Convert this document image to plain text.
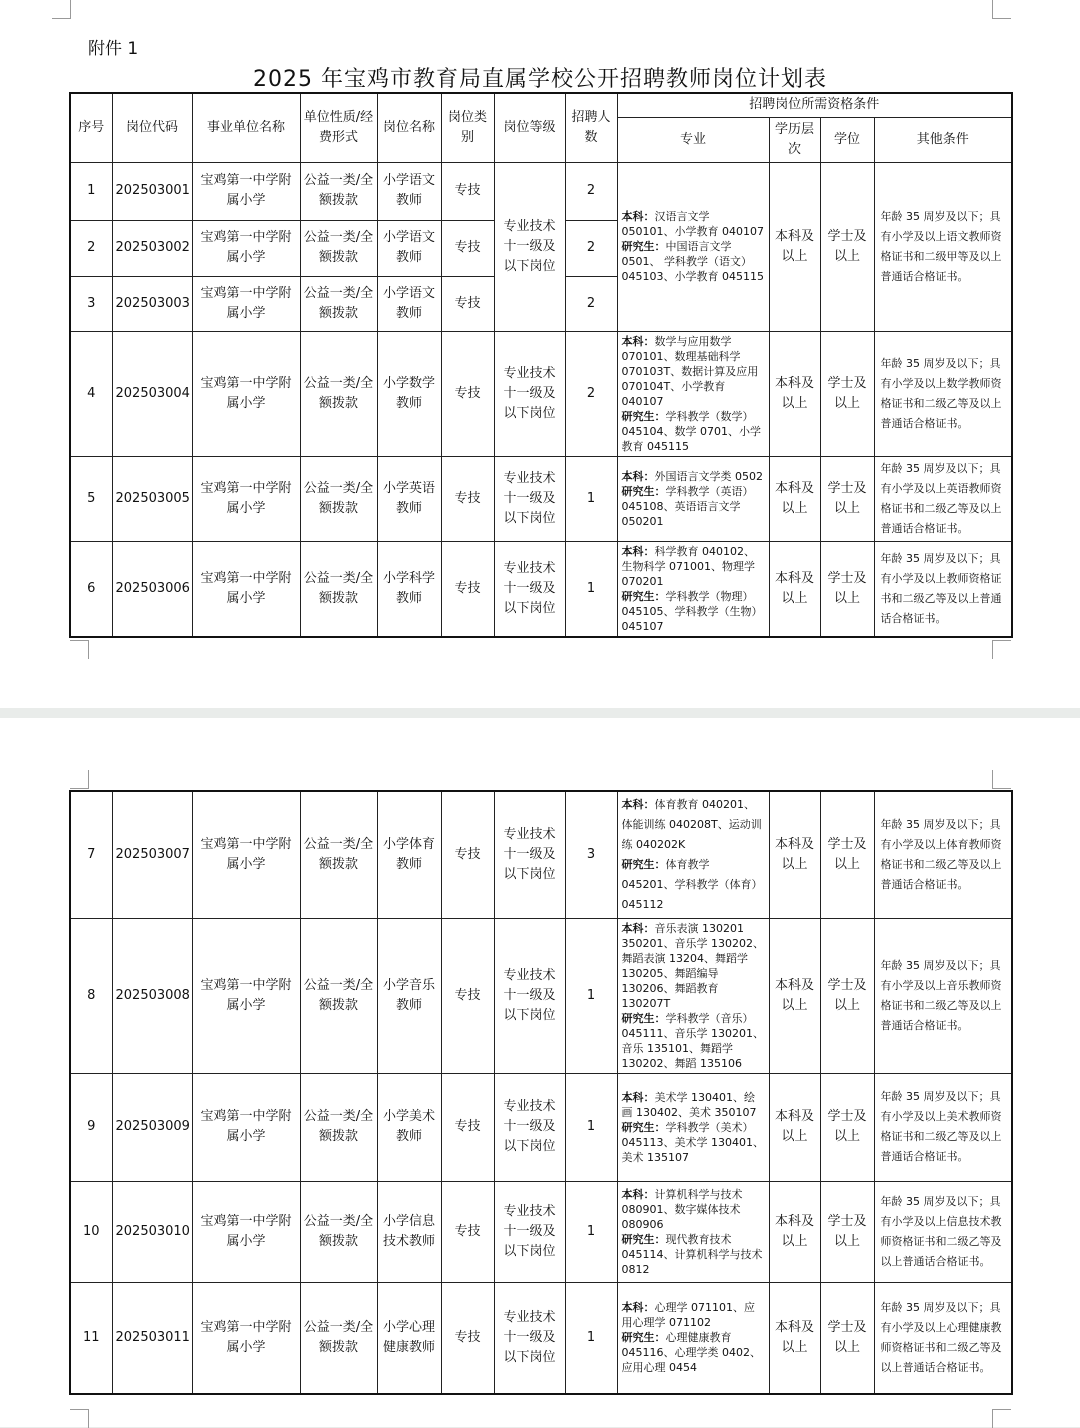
附件 1
2025 年宝鸡市教育局直属学校公开招聘教师岗位计划表
序号	岗位代码	事业单位名称	单位性质/经费形式	岗位名称	岗位类别	岗位等级	招聘人数	招聘岗位所需资格条件			
								专业	学历层次	学位	其他条件
1	202503001	宝鸡第一中学附属小学	公益一类/全额拨款	小学语文教师	专技	专业技术十一级及以下岗位	2	本科：汉语言文学 050101、小学教育 040107
研究生：中国语言文学 0501、 学科教学（语文）045103、小学教育 045115	本科及以上	学士及以上	年龄 35 周岁及以下；具有小学及以上语文教师资格证书和二级甲等及以上普通话合格证书。
2	202503002	宝鸡第一中学附属小学	公益一类/全额拨款	小学语文教师	专技		2				
3	202503003	宝鸡第一中学附属小学	公益一类/全额拨款	小学语文教师	专技		2				
4	202503004	宝鸡第一中学附属小学	公益一类/全额拨款	小学数学教师	专技	专业技术十一级及以下岗位	2	本科：数学与应用数学 070101、数理基础科学 070103T、数据计算及应用 070104T、小学教育 040107
研究生：学科教学（数学）045104、数学 0701、小学教育 045115	本科及以上	学士及以上	年龄 35 周岁及以下；具有小学及以上数学教师资格证书和二级乙等及以上普通话合格证书。
5	202503005	宝鸡第一中学附属小学	公益一类/全额拨款	小学英语教师	专技	专业技术十一级及以下岗位	1	本科：外国语言文学类 0502
研究生：学科教学（英语）045108、英语语言文学 050201	本科及以上	学士及以上	年龄 35 周岁及以下；具有小学及以上英语教师资格证书和二级乙等及以上普通话合格证书。
6	202503006	宝鸡第一中学附属小学	公益一类/全额拨款	小学科学教师	专技	专业技术十一级及以下岗位	1	本科：科学教育 040102、生物科学 071001、物理学 070201
研究生：学科教学（物理）045105、学科教学（生物）045107	本科及以上	学士及以上	年龄 35 周岁及以下；具有小学及以上教师资格证书和二级乙等及以上普通话合格证书。
7	202503007	宝鸡第一中学附属小学	公益一类/全额拨款	小学体育教师	专技	专业技术十一级及以下岗位	3	本科：体育教育 040201、体能训练 040208T、运动训练 040202K
研究生：体育教学 045201、学科教学（体育）045112	本科及以上	学士及以上	年龄 35 周岁及以下；具有小学及以上体育教师资格证书和二级乙等及以上普通话合格证书。
8	202503008	宝鸡第一中学附属小学	公益一类/全额拨款	小学音乐教师	专技	专业技术十一级及以下岗位	1	本科：音乐表演 130201 350201、音乐学 130202、舞蹈表演 13204、舞蹈学 130205、舞蹈编导 130206、舞蹈教育 130207T
研究生：学科教学（音乐）045111、音乐学 130201、音乐 135101、舞蹈学 130202、舞蹈 135106	本科及以上	学士及以上	年龄 35 周岁及以下；具有小学及以上音乐教师资格证书和二级乙等及以上普通话合格证书。
9	202503009	宝鸡第一中学附属小学	公益一类/全额拨款	小学美术教师	专技	专业技术十一级及以下岗位	1	本科：美术学 130401、绘画 130402、美术 350107
研究生：学科教学（美术）045113、美术学 130401、美术 135107	本科及以上	学士及以上	年龄 35 周岁及以下；具有小学及以上美术教师资格证书和二级乙等及以上普通话合格证书。
10	202503010	宝鸡第一中学附属小学	公益一类/全额拨款	小学信息技术教师	专技	专业技术十一级及以下岗位	1	本科：计算机科学与技术 080901、数字媒体技术 080906
研究生：现代教育技术 045114、计算机科学与技术 0812	本科及以上	学士及以上	年龄 35 周岁及以下；具有小学及以上信息技术教师资格证书和二级乙等及以上普通话合格证书。
11	202503011	宝鸡第一中学附属小学	公益一类/全额拨款	小学心理健康教师	专技	专业技术十一级及以下岗位	1	本科：心理学 071101、应用心理学 071102
研究生：心理健康教育 045116、心理学类 0402、应用心理 0454	本科及以上	学士及以上	年龄 35 周岁及以下；具有小学及以上心理健康教师资格证书和二级乙等及以上普通话合格证书。
